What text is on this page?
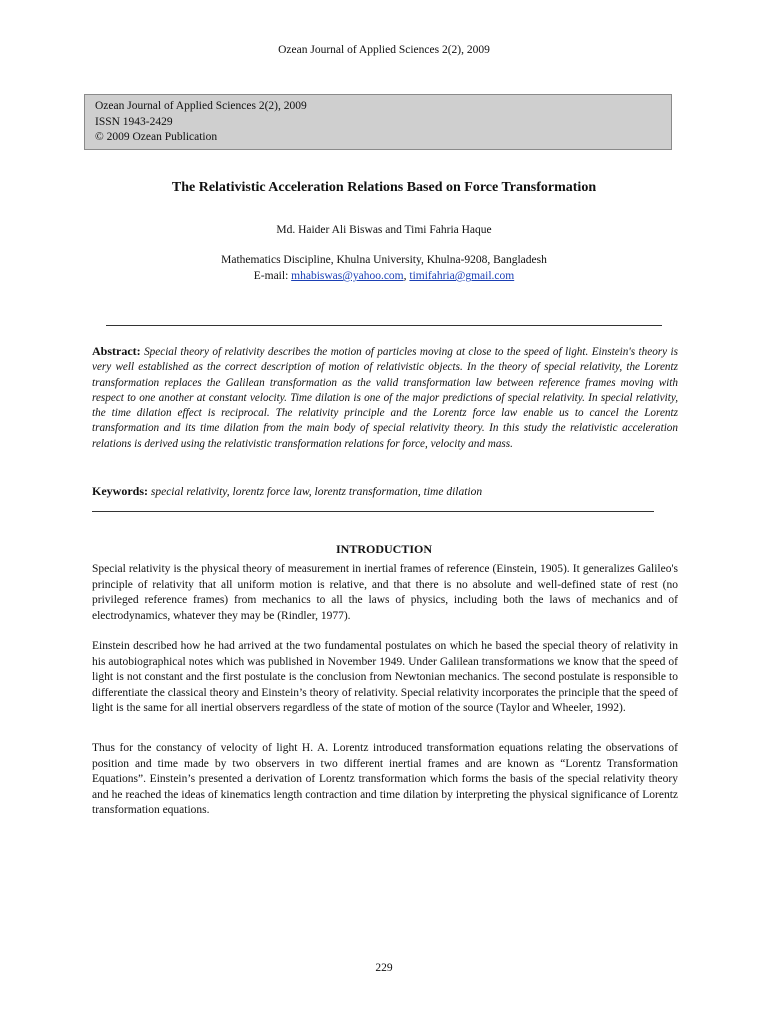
Ozean Journal of Applied Sciences 2(2), 2009
Ozean Journal of Applied Sciences 2(2), 2009
ISSN 1943-2429
© 2009 Ozean Publication
The Relativistic Acceleration Relations Based on Force Transformation
Md. Haider Ali Biswas and Timi Fahria Haque
Mathematics Discipline, Khulna University, Khulna-9208, Bangladesh
E-mail: mhabiswas@yahoo.com, timifahria@gmail.com
Abstract: Special theory of relativity describes the motion of particles moving at close to the speed of light. Einstein's theory is very well established as the correct description of motion of relativistic objects. In the theory of special relativity, the Lorentz transformation replaces the Galilean transformation as the valid transformation law between reference frames moving with respect to one another at constant velocity. Time dilation is one of the major predictions of special relativity. In special relativity, the time dilation effect is reciprocal. The relativity principle and the Lorentz force law enable us to cancel the Lorentz transformation and its time dilation from the main body of special relativity theory. In this study the relativistic acceleration relations is derived using the relativistic transformation relations for force, velocity and mass.
Keywords: special relativity, lorentz force law, lorentz transformation, time dilation
INTRODUCTION

Special relativity is the physical theory of measurement in inertial frames of reference (Einstein, 1905). It generalizes Galileo's principle of relativity that all uniform motion is relative, and that there is no absolute and well-defined state of rest (no privileged reference frames) from mechanics to all the laws of physics, including both the laws of mechanics and of electrodynamics, whatever they may be (Rindler, 1977).

Einstein described how he had arrived at the two fundamental postulates on which he based the special theory of relativity in his autobiographical notes which was published in November 1949. Under Galilean transformations we know that the speed of light is not constant and the first postulate is the conclusion from Newtonian mechanics. The second postulate is responsible to differentiate the classical theory and Einstein’s theory of relativity. Special relativity incorporates the principle that the speed of light is the same for all inertial observers regardless of the state of motion of the source (Taylor and Wheeler, 1992).

Thus for the constancy of velocity of light H. A. Lorentz introduced transformation equations relating the observations of position and time made by two observers in two different inertial frames and are known as “Lorentz Transformation Equations”. Einstein’s presented a derivation of Lorentz transformation which forms the basis of the special relativity theory and he reached the ideas of kinematics length contraction and time dilation by interpreting the physical significance of Lorentz transformation equations.

229
